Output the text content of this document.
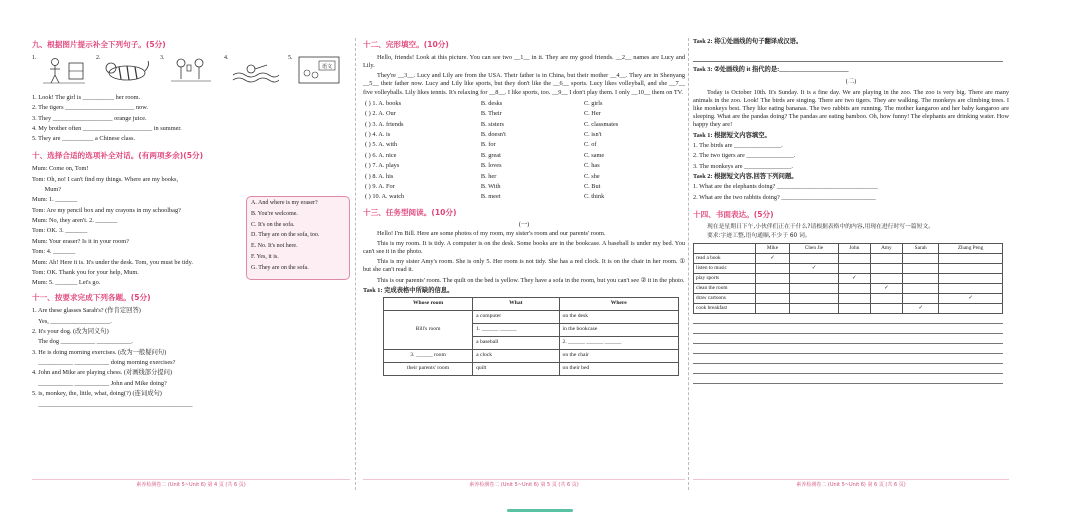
九、根据图片提示补全下列句子。(5分)
1.	2.	3.	4.	5.
语文
1. Look! The girl is __________ her room.
2. The tigers ______________________ now.
3. They ___________________ orange juice.
4. My brother often ______________________ in summer.
5. They are __________ a Chinese class.
十、选择合适的选项补全对话。(有两项多余)(5分)
Mum: Come on, Tom!
Tom: Oh, no! I can't find my things. Where are my books,
Mum?
Mum: 1. _______
Tom: Are my pencil box and my crayons in my schoolbag?
Mum: No, they aren't. 2. _______
Tom: OK. 3. _______
Mum: Your eraser? Is it in your room?
Tom: 4. _______
Mum: Ah! Here it is. It's under the desk. Tom, you must be tidy.
Tom: OK. Thank you for your help, Mum.
Mum: 5. _______ Let's go.
A. And where is my eraser?
B. You're welcome.
C. It's on the sofa.
D. They are on the sofa, too.
E. No. It's not here.
F. Yes, it is.
G. They are on the sofa.
十一、按要求完成下列各题。(5分)
1. Are these glasses Sarah's? (作肯定回答)
Yes, ___________________.
2. It's your dog. (改为同义句)
The dog ___________ ___________.
3. He is doing morning exercises. (改为一般疑问句)
___________ ___________ doing morning exercises?
4. John and Mike are playing chess. (对画线部分提问)
___________ ___________ John and Mike doing?
5. is, monkey, the, little, what, doing(?) (连词成句)
_________________________________________________
素养检测卷二 (Unit 5~Unit 6) 第 4 页 (共 6 页)
十二、完形填空。(10分)
Hello, friends! Look at this picture. You can see two __1__ in it. They are my good friends. __2__ names are Lucy and Lily.
They're __3__. Lucy and Lily are from the USA. Their father is in China, but their mother __4__. They are in Shenyang __5__ their father now. Lucy and Lily like sports, but they don't like the __6__ sports. Lucy likes volleyball, and she __7__ five volleyballs. Lily likes tennis. It's relaxing for __8__. I like sports, too. __9__ I don't play them. I only __10__ them on TV.
( ) 1. A. books	B. desks	C. girls
( ) 2. A. Our	B. Their	C. Her
( ) 3. A. friends	B. sisters	C. classmates
( ) 4. A. is	B. doesn't	C. isn't
( ) 5. A. with	B. for	C. of
( ) 6. A. nice	B. great	C. same
( ) 7. A. plays	B. loves	C. has
( ) 8. A. his	B. her	C. she
( ) 9. A. For	B. With	C. But
( ) 10. A. watch	B. meet	C. think
十三、任务型阅读。(10分)
(一)
Hello! I'm Bill. Here are some photos of my room, my sister's room and our parents' room.
This is my room. It is tidy. A computer is on the desk. Some books are in the bookcase. A baseball is under my bed. You can't see it in the photo.
This is my sister Amy's room. She is only 5. Her room is not tidy. She has a red clock. It is on the chair in her room. ① but she can't read it.
This is our parents' room. The quilt on the bed is yellow. They have a sofa in the room, but you can't see ② it in the photo.
Task 1: 完成表格中所缺的信息。
Whose room	What	Where
Bill's room	a computer	on the desk
	1. ______ ______	in the bookcase
	a baseball	2. ______ ______ ______
3. ______ room	a clock	on the chair
their parents' room	quilt	on their bed
素养检测卷二 (Unit 5~Unit 6) 第 5 页 (共 6 页)
Task 2: 将①处画线的句子翻译成汉语。
Task 3: ②处画线的 it 指代的是:______________________
(二)
Today is October 10th. It's Sunday. It is a fine day. We are playing in the zoo. The zoo is very big. There are many animals in the zoo. Look! The birds are singing. There are two tigers. They are walking. The monkeys are climbing trees. I like monkeys best. They like eating bananas. The two rabbits are running. The mother kangaroo and her baby kangaroo are sleeping. What are the pandas doing? The pandas are eating bamboo. Oh, how funny! The elephants are drinking water. How happy they are!
Task 1: 根据短文内容填空。
1. The birds are _______________.
2. The two tigers are _______________.
3. The monkeys are _______________.
Task 2: 根据短文内容,回答下列问题。
1. What are the elephants doing? ________________________________
2. What are the two rabbits doing? ______________________________
十四、书面表达。(5分)
现在是星期日下午,小伙伴们正在干什么?请根据表格中的内容,用现在进行时写一篇短文。
要求:字迹工整,语句通顺,不少于 60 词。
	Mike	Chen Jie	John	Amy	Sarah	Zhang Peng
read a book	✓					
listen to music		✓				
play sports			✓			
clean the room				✓		
draw cartoons						✓
cook breakfast					✓	
素养检测卷二 (Unit 5~Unit 6) 第 6 页 (共 6 页)
